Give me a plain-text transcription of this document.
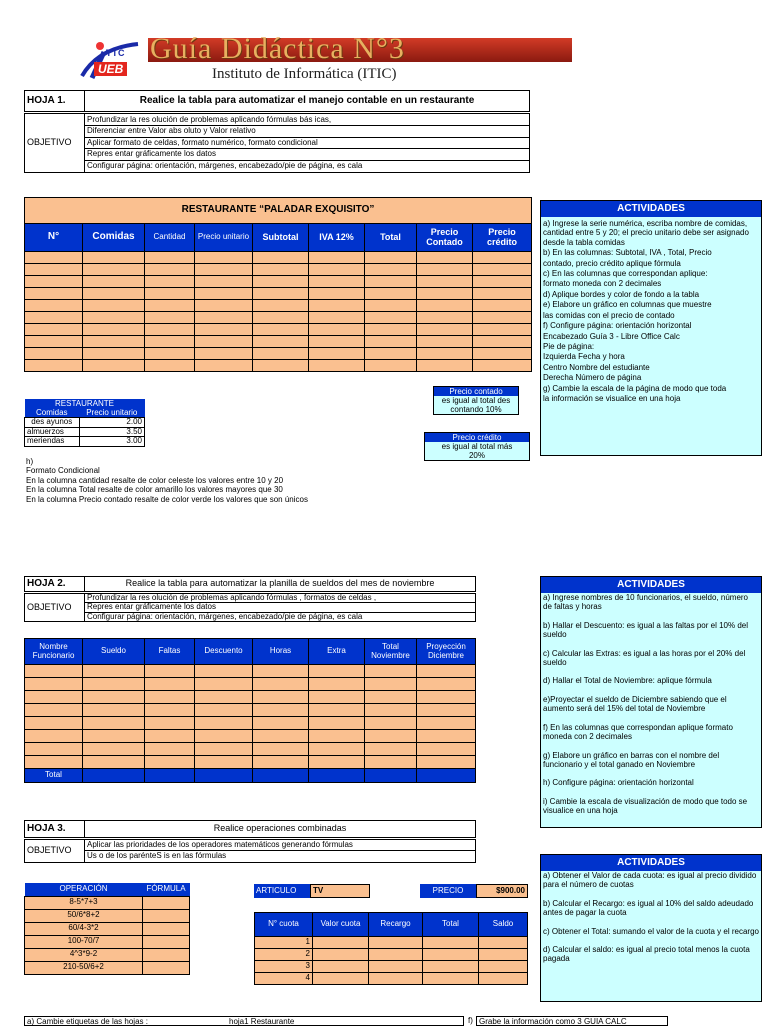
TIC
UEB
Guía Didáctica N°3
Instituto de Informática (ITIC)
HOJA 1.	Realice la tabla para automatizar el manejo contable en un restaurante
OBJETIVO	Profundizar la res olución de problemas aplicando fórmulas bás icas,
Diferenciar entre Valor abs oluto y Valor relativo
Aplicar formato de celdas, formato numérico, formato condicional
Repres entar gráficamente los datos
Configurar página: orientación, márgenes, encabezado/pie de página, es cala
RESTAURANTE “PALADAR EXQUISITO”								
N°	Comidas	Cantidad	Precio unitario	Subtotal	IVA 12%	Total	Precio Contado	Precio crédito

RESTAURANTE	
Comidas	Precio unitario
des ayunos	2.00
almuerzos	3.50
meriendas	3.00
h)
Formato Condicional
En la columna cantidad resalte de color celeste los valores entre 10 y 20
En la columna Total resalte de color amarillo los valores mayores que 30
En la columna Precio contado resalte de color verde los valores que son únicos
Precio contado
es igual al total des contando 10%
Precio crédito
es igual al total más 20%
ACTIVIDADES

a) Ingrese la serie numérica, escriba nombre de comidas, cantidad entre 5 y 20; el precio unitario debe ser asignado desde la tabla comidas

b) En las columnas: Subtotal, IVA , Total, Precio

contado, precio crédito aplique fórmula

c) En las columnas que correspondan aplique:

formato moneda con 2 decimales

d) Aplique bordes y color de fondo a la tabla

e) Elabore un gráfico en columnas que muestre

las comidas con el precio de contado

f) Configure página: orientación horizontal

Encabezado Guía 3 - Libre Office Calc

Pie de página:

Izquierda Fecha y hora

Centro Nombre del estudiante

Derecha Número de página

g) Cambie la escala de la página de modo que toda

la información se visualice en una hoja

HOJA 2.	Realice la tabla para automatizar la planilla de sueldos del mes de noviembre
OBJETIVO	Profundizar la res olución de problemas aplicando fórmulas , formatos de celdas ,
Repres entar gráficamente los datos
Configurar página: orientación, márgenes, encabezado/pie de página, es cala
Nombre Funcionario	Sueldo	Faltas	Descuento	Horas	Extra	Total Noviembre	Proyección Diciembre

Total							
ACTIVIDADES

a) Ingrese nombres de 10 funcionarios, el sueldo, número de faltas y horas

b) Hallar el Descuento: es igual a las faltas por el 10% del sueldo

c) Calcular las Extras: es igual a las horas por el 20% del sueldo

d) Hallar el Total de Noviembre: aplique fórmula

e)Proyectar el sueldo de Diciembre sabiendo que el aumento será del 15% del total de Noviembre

f) En las columnas que correspondan aplique formato moneda con 2 decimales

g) Elabore un gráfico en barras con el nombre del funcionario y el total ganado en Noviembre

h) Configure página: orientación horizontal

i) Cambie la escala de visualización de modo que todo se visualice en una hoja

HOJA 3.	Realice operaciones combinadas
OBJETIVO	Aplicar las prioridades de los operadores matemáticos generando fórmulas
Us o de los parénteS is en las fórmulas
OPERACIÓN	FÓRMULA
8-5*7+3	
50/6*8+2	
60/4-3*2	
100-70/7	
4^3*9-2	
210-50/6+2	
ARTICULO	TV	PRECIO	$900.00
N° cuota	Valor cuota	Recargo	Total	Saldo
1				
2				
3				
4				
ACTIVIDADES

a) Obtener el Valor de cada cuota: es igual al precio dividido para el número de cuotas

b) Calcular el Recargo: es igual al 10% del saldo adeudado antes de pagar la cuota

c) Obtener el Total: sumando el valor de la cuota y el recargo

d) Calcular el saldo: es igual al precio total menos la cuota pagada

a) Cambie etiquetas de las hojas :	hoja1 Restaurante	f) Grabe la información como 3 GUIA CALC
